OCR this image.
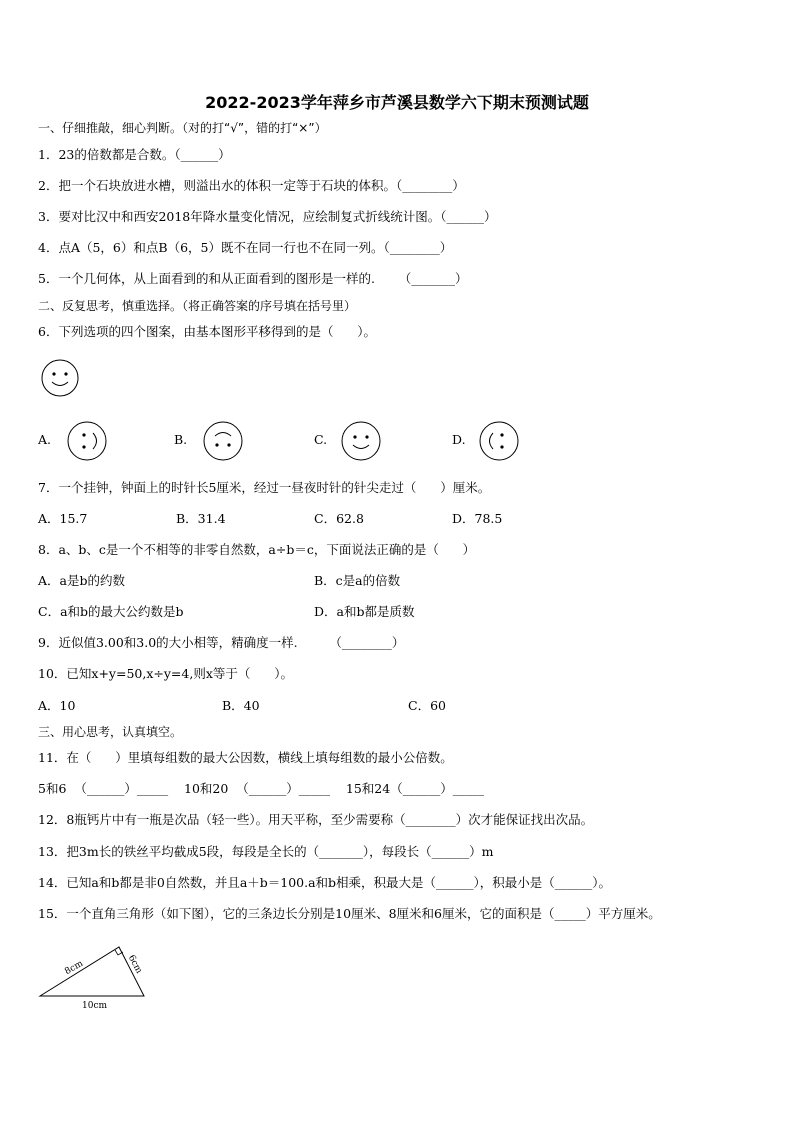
2022-2023学年萍乡市芦溪县数学六下期末预测试题
一、仔细推敲，细心判断。（对的打“√”，错的打“×”）
1．23的倍数都是合数。（______）
2．把一个石块放进水槽，则溢出水的体积一定等于石块的体积。（________）
3．要对比汉中和西安2018年降水量变化情况，应绘制复式折线统计图。（______）
4．点A（5，6）和点B（6，5）既不在同一行也不在同一列。（________）
5．一个几何体，从上面看到的和从正面看到的图形是一样的.      （_______）
二、反复思考，慎重选择。（将正确答案的序号填在括号里）
6．下列选项的四个图案，由基本图形平移得到的是（      ）。
A.	B.	C.	D.
7．一个挂钟，钟面上的时针长5厘米，经过一昼夜时针的针尖走过（      ）厘米。
A．15.7	B．31.4	C．62.8	D．78.5
8．a、b、c是一个不相等的非零自然数，a÷b＝c，下面说法正确的是（      ）
A．a是b的约数	B．c是a的倍数
C．a和b的最大公约数是b	D．a和b都是质数
9．近似值3.00和3.0的大小相等，精确度一样.        （________）
10．已知x+y=50,x÷y=4,则x等于（      ）。
A．10	B．40	C．60
三、用心思考，认真填空。
11．在（      ）里填每组数的最大公因数，横线上填每组数的最小公倍数。
5和6  （______）_____    10和20  （______）_____    15和24（______）_____
12．8瓶钙片中有一瓶是次品（轻一些）。用天平称，至少需要称（________）次才能保证找出次品。
13．把3m长的铁丝平均截成5段，每段是全长的（_______），每段长（______）m
14．已知a和b都是非0自然数，并且a＋b＝100.a和b相乘，积最大是（______），积最小是（______）。
15．一个直角三角形（如下图），它的三条边长分别是10厘米、8厘米和6厘米，它的面积是（_____）平方厘米。
8cm	6cm
10cm
